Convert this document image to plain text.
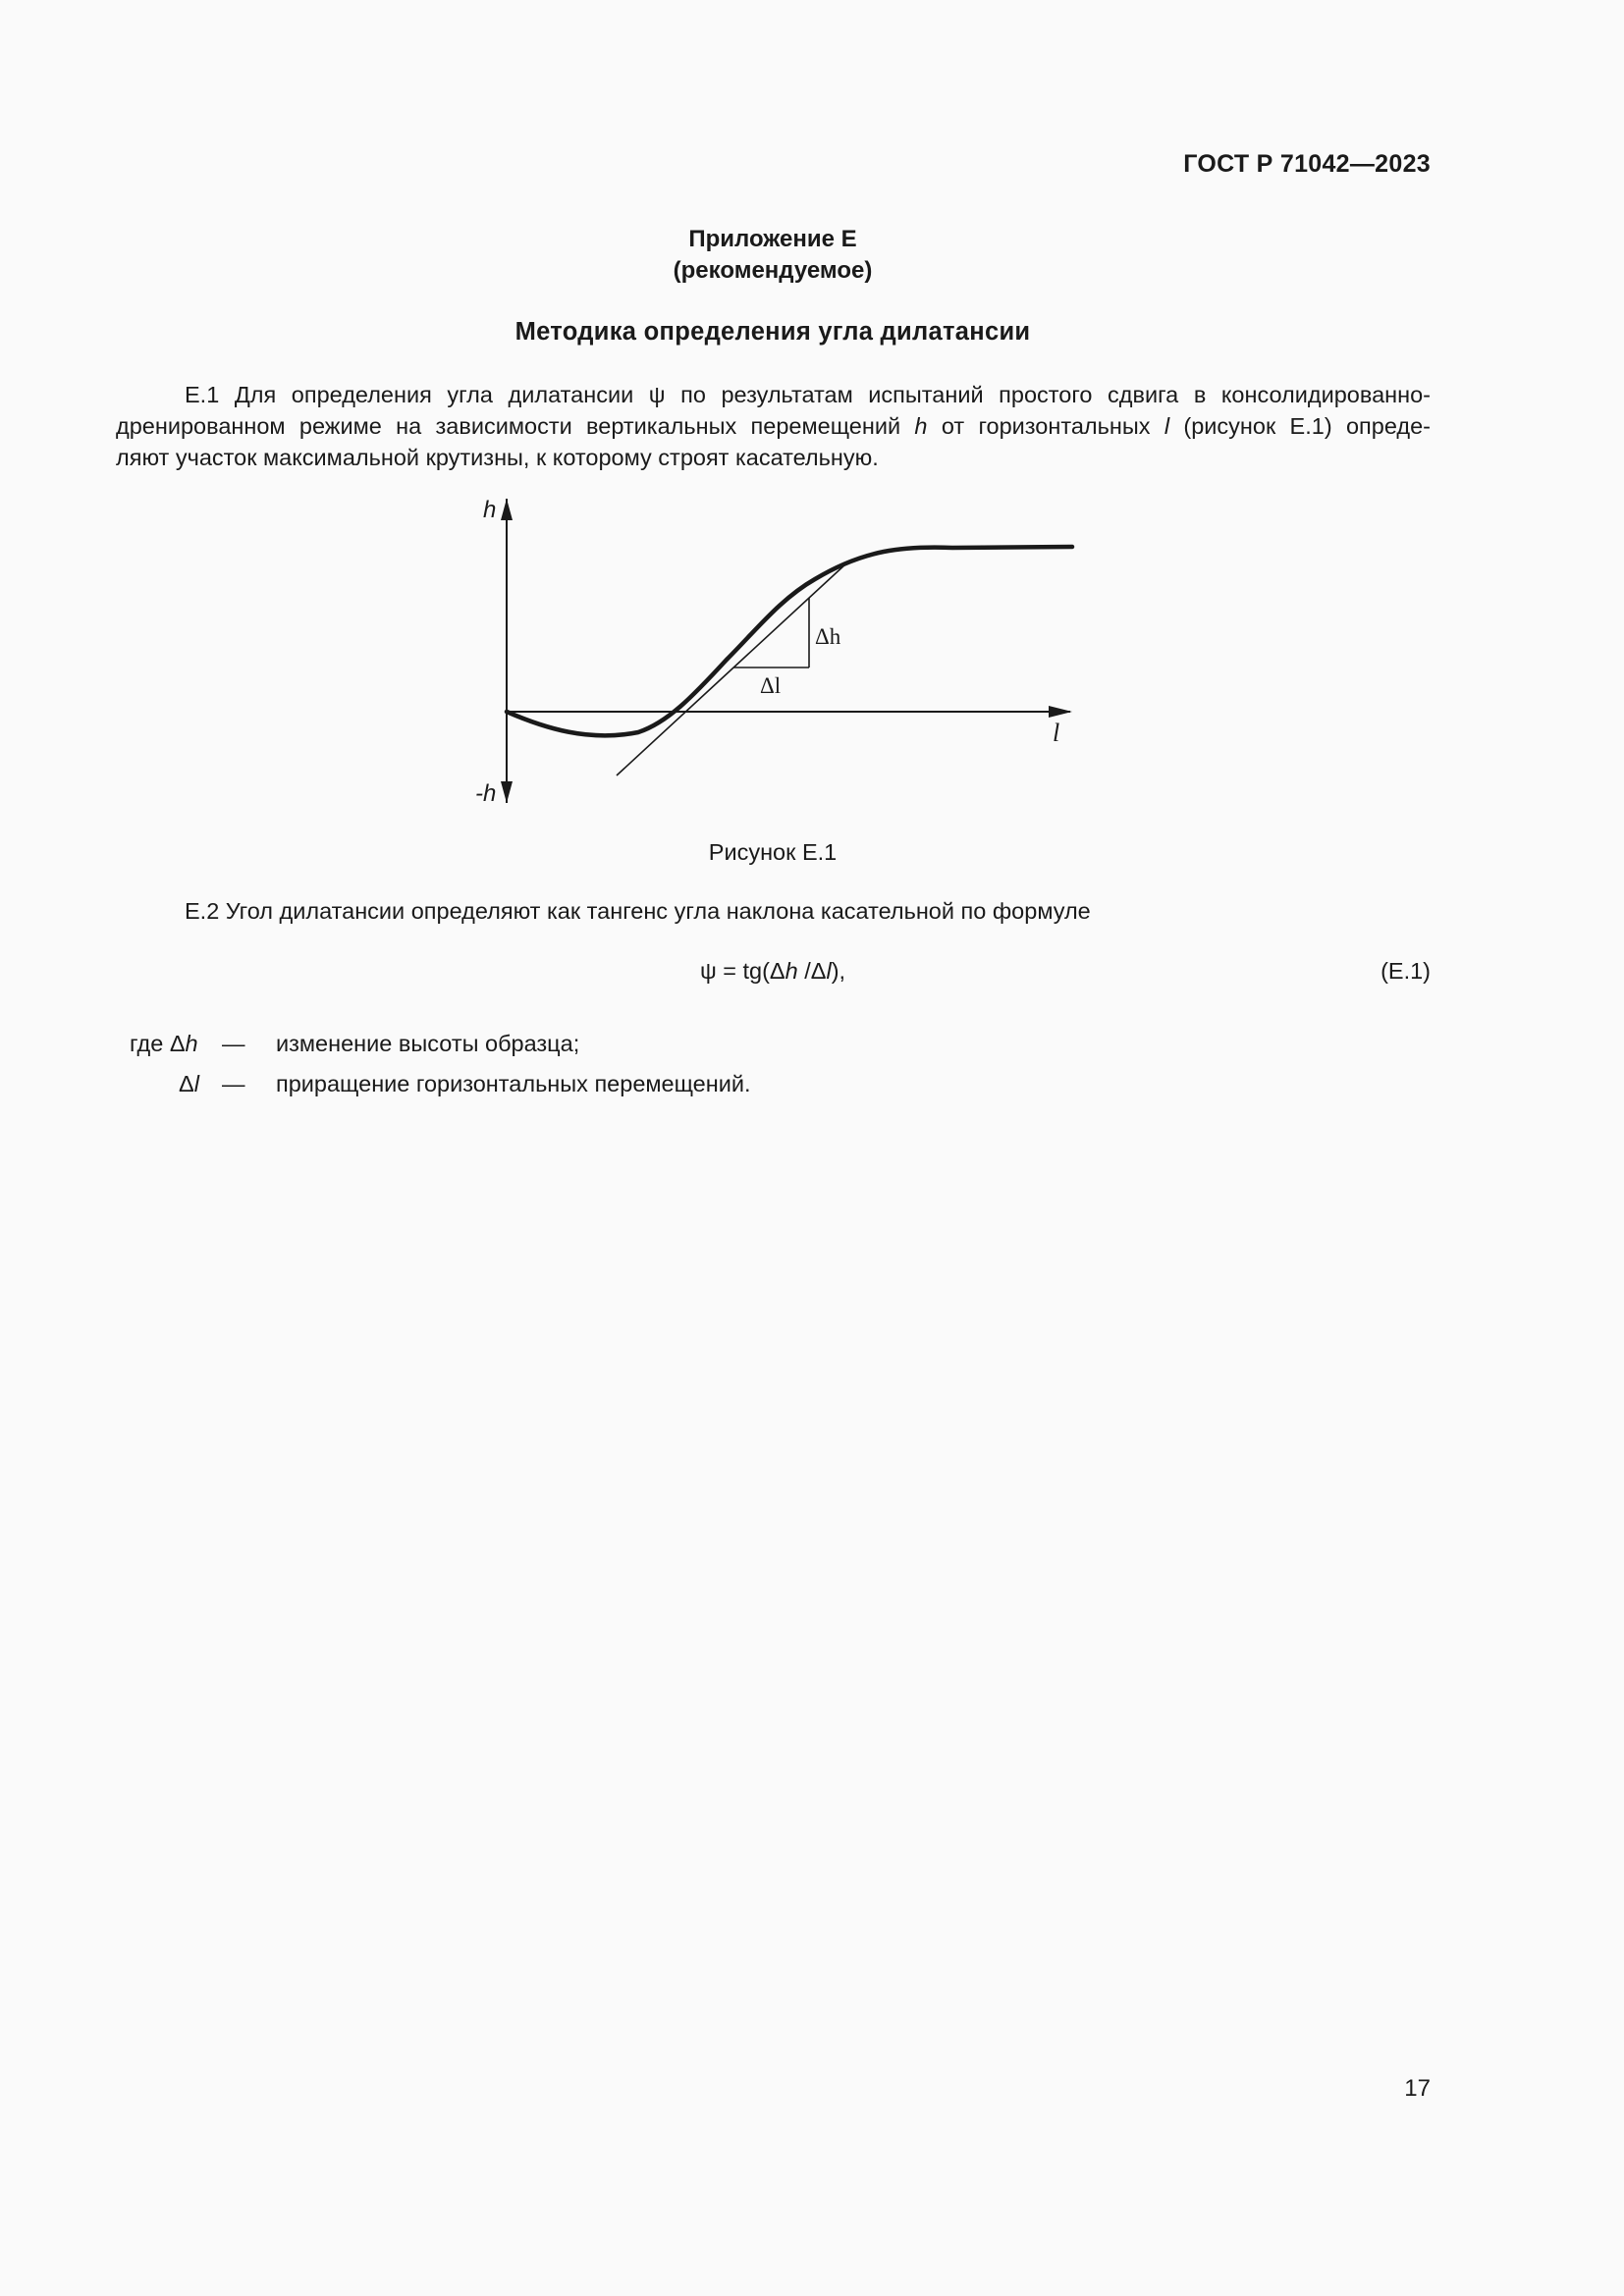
ГОСТ Р 71042—2023
Приложение Е
(рекомендуемое)
Методика определения угла дилатансии
Е.1 Для определения угла дилатансии ψ по результатам испытаний простого сдвига в консолидированно-
дренированном режиме на зависимости вертикальных перемещений h от горизонтальных l (рисунок Е.1) опреде-
ляют участок максимальной крутизны, к которому строят касательную.
h
-h
l
Δh
Δl
Рисунок Е.1
Е.2 Угол дилатансии определяют как тангенс угла наклона касательной по формуле
ψ = tg(Δh /Δl),	(Е.1)
где Δh — изменение высоты образца;
Δl — приращение горизонтальных перемещений.
17
